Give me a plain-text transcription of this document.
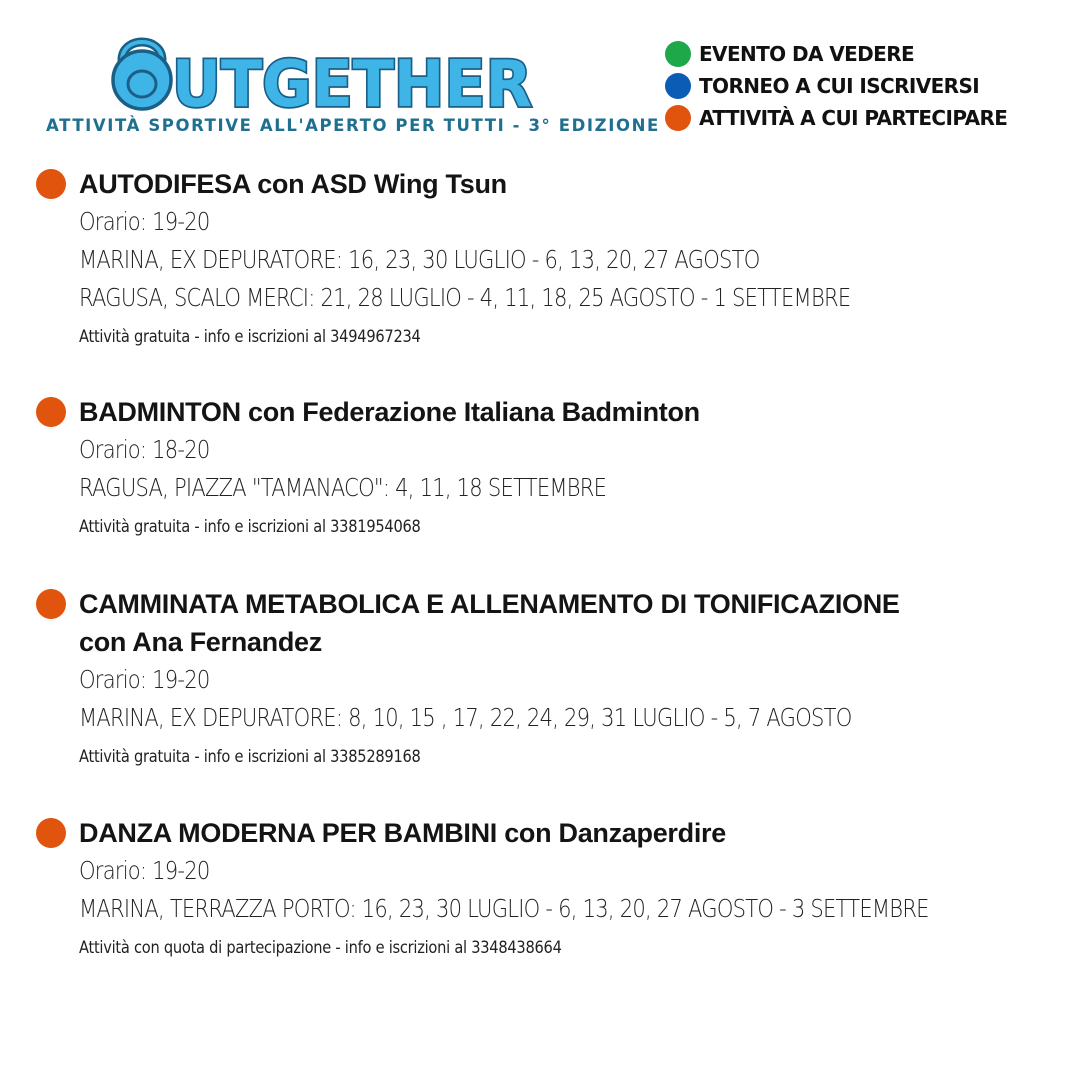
UTGETHER
ATTIVITÀ SPORTIVE ALL'APERTO PER TUTTI - 3° EDIZIONE
EVENTO DA VEDERE
TORNEO A CUI ISCRIVERSI
ATTIVITÀ A CUI PARTECIPARE
AUTODIFESA con ASD Wing Tsun
Orario: 19-20
MARINA, EX DEPURATORE: 16, 23, 30 LUGLIO - 6, 13, 20, 27 AGOSTO
RAGUSA, SCALO MERCI: 21, 28 LUGLIO - 4, 11, 18, 25 AGOSTO - 1 SETTEMBRE
Attività gratuita - info e iscrizioni al 3494967234
BADMINTON con Federazione Italiana Badminton
Orario: 18-20
RAGUSA, PIAZZA "TAMANACO": 4, 11, 18 SETTEMBRE
Attività gratuita - info e iscrizioni al 3381954068
CAMMINATA METABOLICA E ALLENAMENTO DI TONIFICAZIONE
con Ana Fernandez
Orario: 19-20
MARINA, EX DEPURATORE: 8, 10, 15 , 17, 22, 24, 29, 31 LUGLIO - 5, 7 AGOSTO
Attività gratuita - info e iscrizioni al 3385289168
DANZA MODERNA PER BAMBINI con Danzaperdire
Orario: 19-20
MARINA, TERRAZZA PORTO: 16, 23, 30 LUGLIO - 6, 13, 20, 27 AGOSTO - 3 SETTEMBRE
Attività con quota di partecipazione - info e iscrizioni al 3348438664
